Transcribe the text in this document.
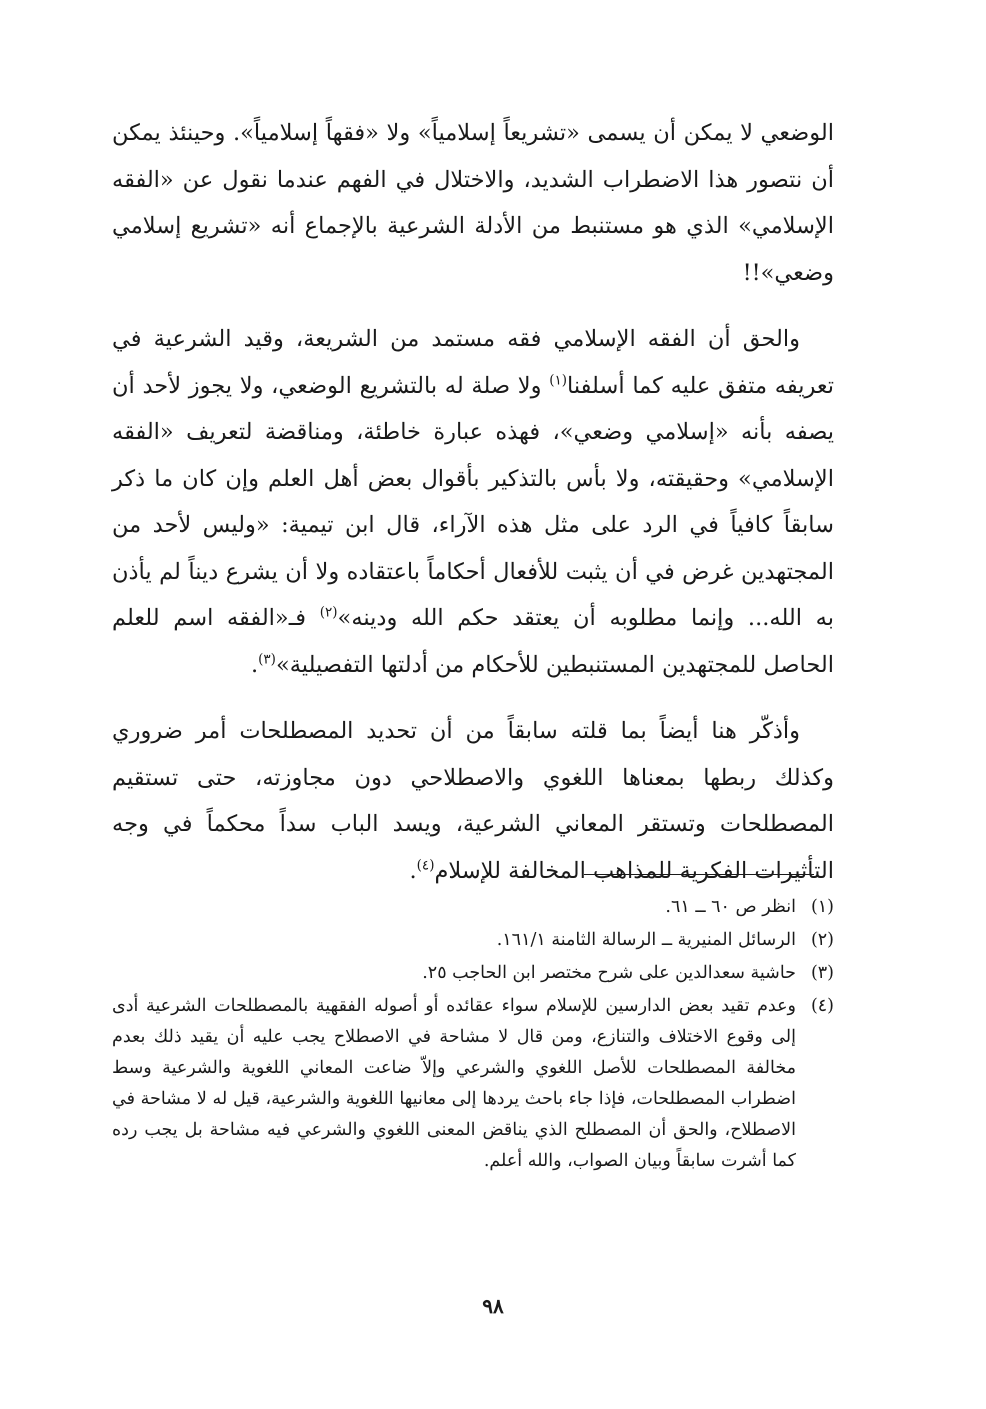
الوضعي لا يمكن أن يسمى «تشريعاً إسلامياً» ولا «فقهاً إسلامياً». وحينئذ يمكن أن نتصور هذا الاضطراب الشديد، والاختلال في الفهم عندما نقول عن «الفقه الإسلامي» الذي هو مستنبط من الأدلة الشرعية بالإجماع أنه «تشريع إسلامي وضعي»!!

والحق أن الفقه الإسلامي فقه مستمد من الشريعة، وقيد الشرعية في تعريفه متفق عليه كما أسلفنا$^{(١)}$ ولا صلة له بالتشريع الوضعي، ولا يجوز لأحد أن يصفه بأنه «إسلامي وضعي»، فهذه عبارة خاطئة، ومناقضة لتعريف «الفقه الإسلامي» وحقيقته، ولا بأس بالتذكير بأقوال بعض أهل العلم وإن كان ما ذكر سابقاً كافياً في الرد على مثل هذه الآراء، قال ابن تيمية: «وليس لأحد من المجتهدين غرض في أن يثبت للأفعال أحكاماً باعتقاده ولا أن يشرع ديناً لم يأذن به الله... وإنما مطلوبه أن يعتقد حكم الله ودينه»$^{(٢)}$ فـ«الفقه اسم للعلم الحاصل للمجتهدين المستنبطين للأحكام من أدلتها التفصيلية»$^{(٣)}$.

وأذكّر هنا أيضاً بما قلته سابقاً من أن تحديد المصطلحات أمر ضروري وكذلك ربطها بمعناها اللغوي والاصطلاحي دون مجاوزته، حتى تستقيم المصطلحات وتستقر المعاني الشرعية، ويسد الباب سداً محكماً في وجه التأثيرات الفكرية للمذاهب المخالفة للإسلام$^{(٤)}$.

(١)
انظر ص ٦٠ ــ ٦١.
(٢)
الرسائل المنيرية ــ الرسالة الثامنة ١٦١/١.
(٣)
حاشية سعدالدين على شرح مختصر ابن الحاجب ٢٥.
(٤)
وعدم تقيد بعض الدارسين للإسلام سواء عقائده أو أصوله الفقهية بالمصطلحات الشرعية أدى إلى وقوع الاختلاف والتنازع، ومن قال لا مشاحة في الاصطلاح يجب عليه أن يقيد ذلك بعدم مخالفة المصطلحات للأصل اللغوي والشرعي وإلاّ ضاعت المعاني اللغوية والشرعية وسط اضطراب المصطلحات، فإذا جاء باحث يردها إلى معانيها اللغوية والشرعية، قيل له لا مشاحة في الاصطلاح، والحق أن المصطلح الذي يناقض المعنى اللغوي والشرعي فيه مشاحة بل يجب رده كما أشرت سابقاً وبيان الصواب، والله أعلم.
٩٨
